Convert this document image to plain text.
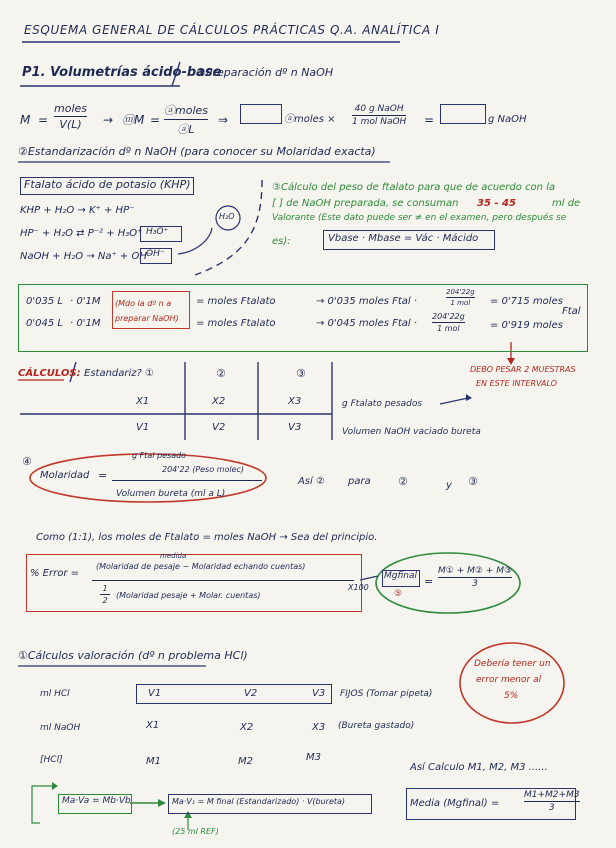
ESQUEMA GENERAL DE CÁLCULOS PRÁCTICAS Q.A. ANALÍTICA I
P1. Volumetrías ácido-base
①Preparación dº n NaOH
M =
moles
V(L) → ⓜM =
ⓐmoles
ⓐL
⇒	ⓐmoles ×
40 g NaOH
1 mol NaOH =	g NaOH
②Estandarización dº n NaOH (para conocer su Molaridad exacta)
Ftalato ácido de potasio (KHP)
KHP + H₂O → K⁺ + HP⁻
HP⁻ + H₂O ⇄ P⁻² + H₃O⁺
NaOH + H₂O → Na⁺ + OH⁻
H₂O
H₃O⁺
OH⁻
③Cálculo del peso de ftalato para que de acuerdo con la
[ ] de NaOH preparada, se consuman 35 - 45	ml de
Valorante (Este dato puede ser ≠ en el examen, pero después se
es):	Vbase · Mbase = Vác · Mácido
0'035 L · 0'1M (Mdo la dº n a preparar NaOH)
= moles Ftalato	→ 0'035 moles Ftal ·
204'22g
1 mol = 0'715 moles
Ftal
0'045 L · 0'1M	= moles Ftalato	→ 0'045 moles Ftal ·
204'22g
1 mol	= 0'919 moles
DEBO PESAR 2 MUESTRAS
EN ESTE INTERVALO
CÁLCULOS: Estandariz? ①	②	③
X1	X2	X3	g Ftalato pesados
V1	V2	V3	Volumen NaOH vaciado bureta
④
Molaridad =
g Ftal pesado
204'22 (Peso molec)
Volumen bureta (ml a L)
Así ② para ②	y ③
Como (1:1), los moles de Ftalato = moles NaOH → Sea del principio.
% Error =
medida
(Molaridad de pesaje − Molaridad echando cuentas)
1
2
(Molaridad pesaje + Molar. cuentas)
X100
Mgfinal
⑤
=
M① + M② + M③
3
①Cálculos valoración (dº n problema HCl)
Debería tener un
error menor al
5%
ml HCl	V1	V2	V3 FIJOS (Tomar pipeta)
ml NaOH	X1	X2	X3 (Bureta gastado)
[HCl]	M1	M2	M3
Así Calculo M1, M2, M3 ......
Ma·Va = Mb·Vb	Ma·V₁ = M final (Estandarizado) · V(bureta)
(25 ml REF)
Media (Mgfinal) =
M1+M2+M3
3
